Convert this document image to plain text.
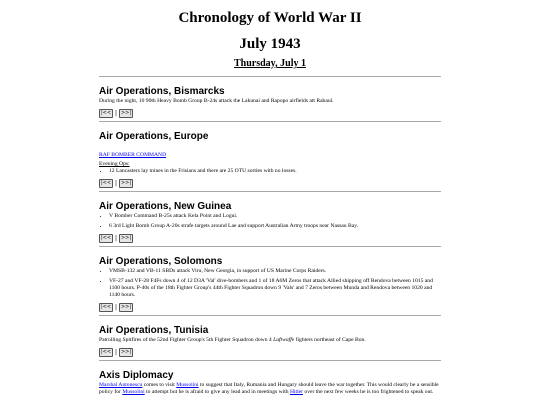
Chronology of World War II
July 1943
Thursday, July 1
Air Operations, Bismarcks

During the night, 10 90th Heavy Bomb Group B-24s attack the Lakunai and Rapopo airfields att Rabaul.

|<< | >>|
Air Operations, Europe
RAF BOMBER COMMAND
Evening Ops:
• 12 Lancasters lay mines in the Frisians and there are 25 OTU sorties with no losses.
|<< | >>|
Air Operations, New Guinea
• V Bomber Command B-25s attack Kela Point and Logui.
• 6 3rd Light Bomb Group A-20s strafe targets around Lae and support Australian Army troops near Nassau Bay.
|<< | >>|
Air Operations, Solomons
• VMSB-132 and VB-11 SBDs attack Viru, New Georgia, in support of US Marine Corps Raiders.
• VF-27 and VF-28 F4Fs down 4 of 12 D3A 'Val' dive-bombers and 1 of 18 A6M Zeros that attack Allied shipping off Rendova between 1015 and 1100 hours. P-40s of the 18th Fighter Group's 44th Fighter Squadron down 9 'Vals' and 7 Zeros between Munda and Rendova between 1020 and 1140 hours.
|<< | >>|
Air Operations, Tunisia

Patrolling Spitfires of the 52nd Fighter Group's 5th Fighter Squadron down 4 Luftwaffe fighters northeast of Cape Bon.

|<< | >>|
Axis Diplomacy

Marshal Antonescu comes to visit Mussolini to suggest that Italy, Rumania and Hungary should leave the war together. This would clearly be a sensible policy for Mussolini to attempt but he is afraid to give any lead and in meetings with Hitler over the next few weeks he is too frightened to speak out.
